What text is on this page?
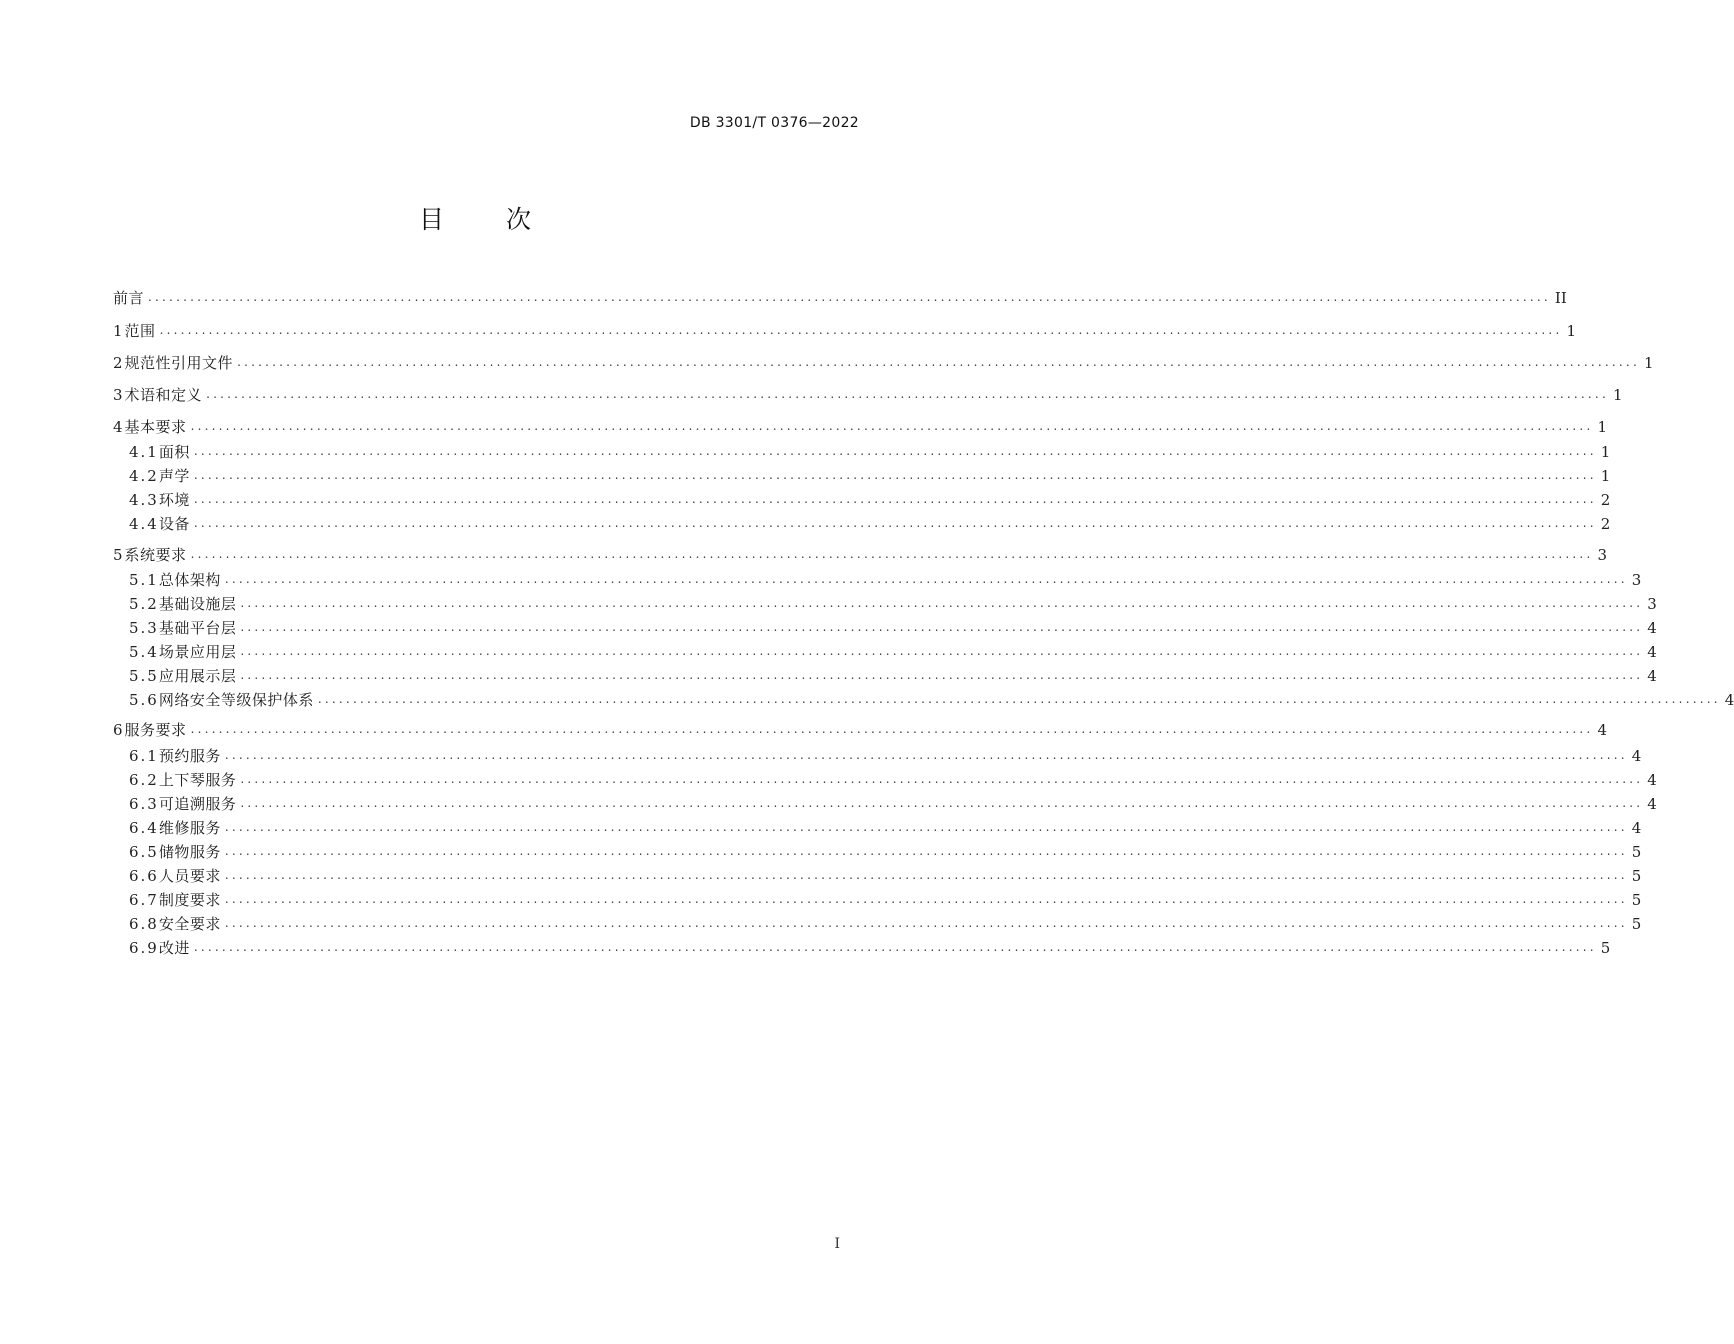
DB 3301/T 0376—2022
目 次
前言 ........................................................................................................................................................................................................ II
1 范围 ........................................................................................................................................................................................................ 1
2 规范性引用文件 ........................................................................................................................................................................................................ 1
3 术语和定义 ........................................................................................................................................................................................................ 1
4 基本要求 ........................................................................................................................................................................................................ 1
4.1 面积 ........................................................................................................................................................................................................ 1
4.2 声学 ........................................................................................................................................................................................................ 1
4.3 环境 ........................................................................................................................................................................................................ 2
4.4 设备 ........................................................................................................................................................................................................ 2
5 系统要求 ........................................................................................................................................................................................................ 3
5.1 总体架构 ........................................................................................................................................................................................................ 3
5.2 基础设施层 ........................................................................................................................................................................................................ 3
5.3 基础平台层 ........................................................................................................................................................................................................ 4
5.4 场景应用层 ........................................................................................................................................................................................................ 4
5.5 应用展示层 ........................................................................................................................................................................................................ 4
5.6 网络安全等级保护体系 ........................................................................................................................................................................................................ 4
6 服务要求 ........................................................................................................................................................................................................ 4
6.1 预约服务 ........................................................................................................................................................................................................ 4
6.2 上下琴服务 ........................................................................................................................................................................................................ 4
6.3 可追溯服务 ........................................................................................................................................................................................................ 4
6.4 维修服务 ........................................................................................................................................................................................................ 4
6.5 储物服务 ........................................................................................................................................................................................................ 5
6.6 人员要求 ........................................................................................................................................................................................................ 5
6.7 制度要求 ........................................................................................................................................................................................................ 5
6.8 安全要求 ........................................................................................................................................................................................................ 5
6.9 改进 ........................................................................................................................................................................................................ 5
I
